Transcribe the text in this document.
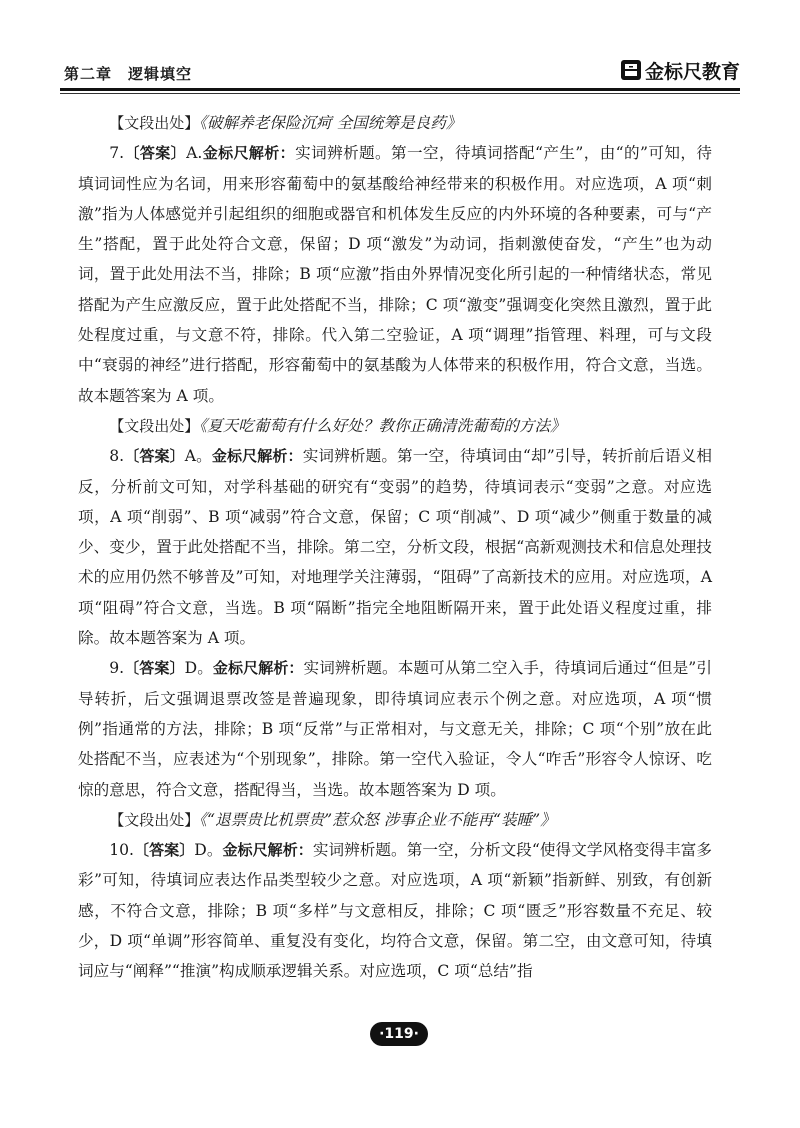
第二章　逻辑填空	金标尺教育

【文段出处】《破解养老保险沉疴 全国统筹是良药》

7.〔答案〕A.金标尺解析：实词辨析题。第一空，待填词搭配“产生”，由“的”可知，待填词词性应为名词，用来形容葡萄中的氨基酸给神经带来的积极作用。对应选项，A 项“刺激”指为人体感觉并引起组织的细胞或器官和机体发生反应的内外环境的各种要素，可与“产生”搭配，置于此处符合文意，保留；D 项“激发”为动词，指刺激使奋发，“产生”也为动词，置于此处用法不当，排除；B 项“应激”指由外界情况变化所引起的一种情绪状态，常见搭配为产生应激反应，置于此处搭配不当，排除；C 项“激变”强调变化突然且激烈，置于此处程度过重，与文意不符，排除。代入第二空验证，A 项“调理”指管理、料理，可与文段中“衰弱的神经”进行搭配，形容葡萄中的氨基酸为人体带来的积极作用，符合文意，当选。故本题答案为 A 项。

【文段出处】《夏天吃葡萄有什么好处？教你正确清洗葡萄的方法》

8.〔答案〕A。金标尺解析：实词辨析题。第一空，待填词由“却”引导，转折前后语义相反，分析前文可知，对学科基础的研究有“变弱”的趋势，待填词表示“变弱”之意。对应选项，A 项“削弱”、B 项“减弱”符合文意，保留；C 项“削减”、D 项“减少”侧重于数量的减少、变少，置于此处搭配不当，排除。第二空，分析文段，根据“高新观测技术和信息处理技术的应用仍然不够普及”可知，对地理学关注薄弱，“阻碍”了高新技术的应用。对应选项，A 项“阻碍”符合文意，当选。B 项“隔断”指完全地阻断隔开来，置于此处语义程度过重，排除。故本题答案为 A 项。

9.〔答案〕D。金标尺解析：实词辨析题。本题可从第二空入手，待填词后通过“但是”引导转折，后文强调退票改签是普遍现象，即待填词应表示个例之意。对应选项，A 项“惯例”指通常的方法，排除；B 项“反常”与正常相对，与文意无关，排除；C 项“个别”放在此处搭配不当，应表述为“个别现象”，排除。第一空代入验证，令人“咋舌”形容令人惊讶、吃惊的意思，符合文意，搭配得当，当选。故本题答案为 D 项。

【文段出处】《“退票贵比机票贵”惹众怒 涉事企业不能再“装睡”》

10.〔答案〕D。金标尺解析：实词辨析题。第一空，分析文段“使得文学风格变得丰富多彩”可知，待填词应表达作品类型较少之意。对应选项，A 项“新颖”指新鲜、别致，有创新感，不符合文意，排除；B 项“多样”与文意相反，排除；C 项“匮乏”形容数量不充足、较少，D 项“单调”形容简单、重复没有变化，均符合文意，保留。第二空，由文意可知，待填词应与“阐释”“推演”构成顺承逻辑关系。对应选项，C 项“总结”指

·119·
